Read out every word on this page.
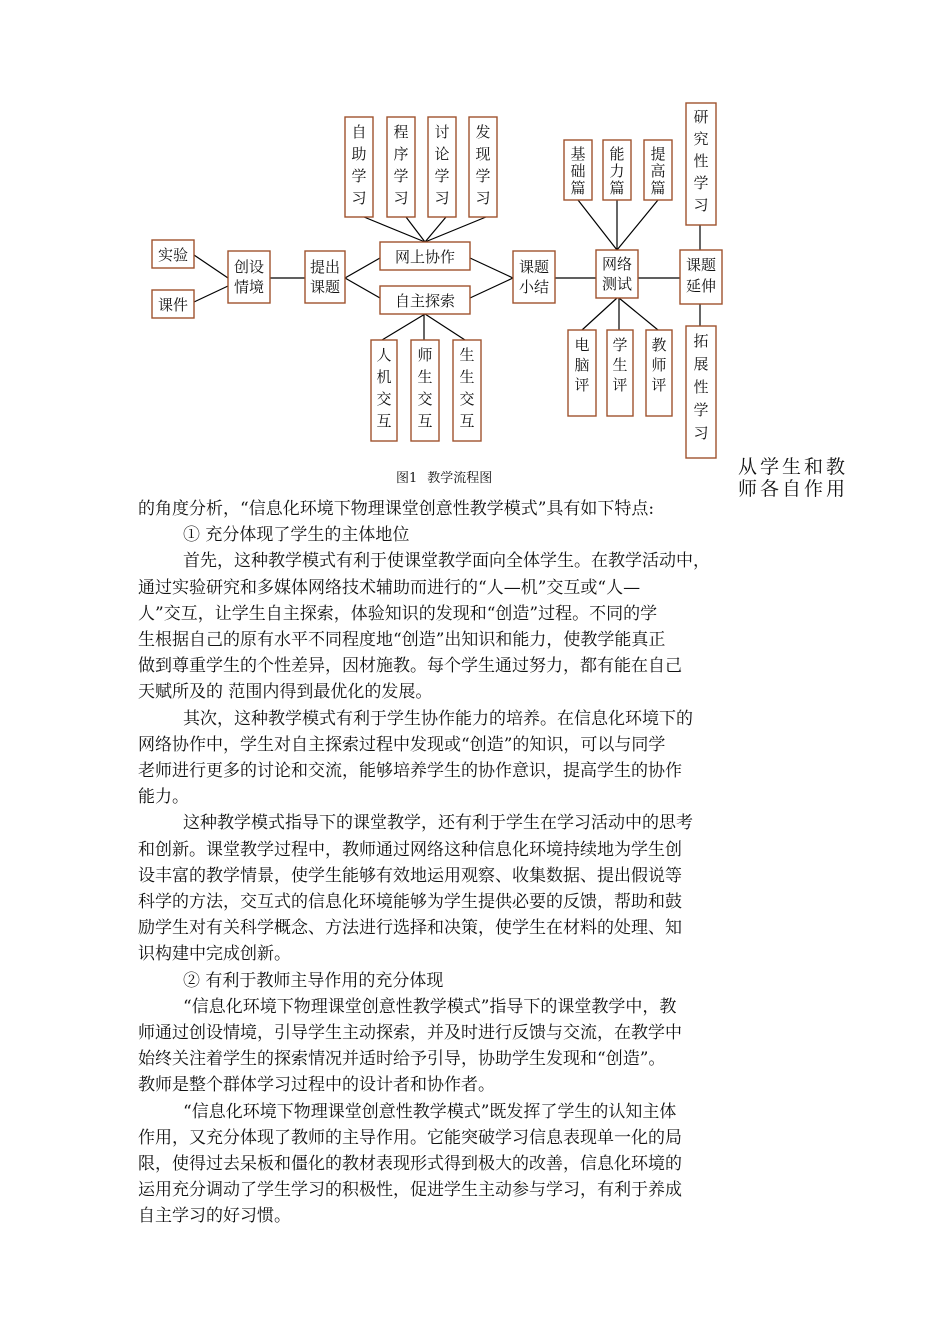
实验
课件
创设
情境
提出
课题
网上协作
自主探索
自
助
学
习
程
序
学
习
讨
论
学
习
发
现
学
习
人
机
交
互
师
生
交
互
生
生
交
互
课题
小结
网络
测试
基
础
篇
能
力
篇
提
高
篇
电
脑
评
学
生
评
教
师
评
课题
延伸
研
究
性
学
习
拓
展
性
学
习
图1 教学流程图
从学生和教
师各自作用

的角度分析，“信息化环境下物理课堂创意性教学模式”具有如下特点:

① 充分体现了学生的主体地位

首先，这种教学模式有利于使课堂教学面向全体学生。在教学活动中，

通过实验研究和多媒体网络技术辅助而进行的“人—机”交互或“人—

人”交互，让学生自主探索，体验知识的发现和“创造”过程。不同的学

生根据自己的原有水平不同程度地“创造”出知识和能力，使教学能真正

做到尊重学生的个性差异，因材施教。每个学生通过努力，都有能在自己

天赋所及的 范围内得到最优化的发展。

其次，这种教学模式有利于学生协作能力的培养。在信息化环境下的

网络协作中，学生对自主探索过程中发现或“创造”的知识，可以与同学

老师进行更多的讨论和交流，能够培养学生的协作意识，提高学生的协作

能力。

这种教学模式指导下的课堂教学，还有利于学生在学习活动中的思考

和创新。课堂教学过程中，教师通过网络这种信息化环境持续地为学生创

设丰富的教学情景，使学生能够有效地运用观察、收集数据、提出假说等

科学的方法，交互式的信息化环境能够为学生提供必要的反馈，帮助和鼓

励学生对有关科学概念、方法进行选择和决策，使学生在材料的处理、知

识构建中完成创新。

② 有利于教师主导作用的充分体现

“信息化环境下物理课堂创意性教学模式”指导下的课堂教学中，教

师通过创设情境，引导学生主动探索，并及时进行反馈与交流，在教学中

始终关注着学生的探索情况并适时给予引导，协助学生发现和“创造”。

教师是整个群体学习过程中的设计者和协作者。

“信息化环境下物理课堂创意性教学模式”既发挥了学生的认知主体

作用，又充分体现了教师的主导作用。它能突破学习信息表现单一化的局

限，使得过去呆板和僵化的教材表现形式得到极大的改善，信息化环境的

运用充分调动了学生学习的积极性，促进学生主动参与学习，有利于养成

自主学习的好习惯。
